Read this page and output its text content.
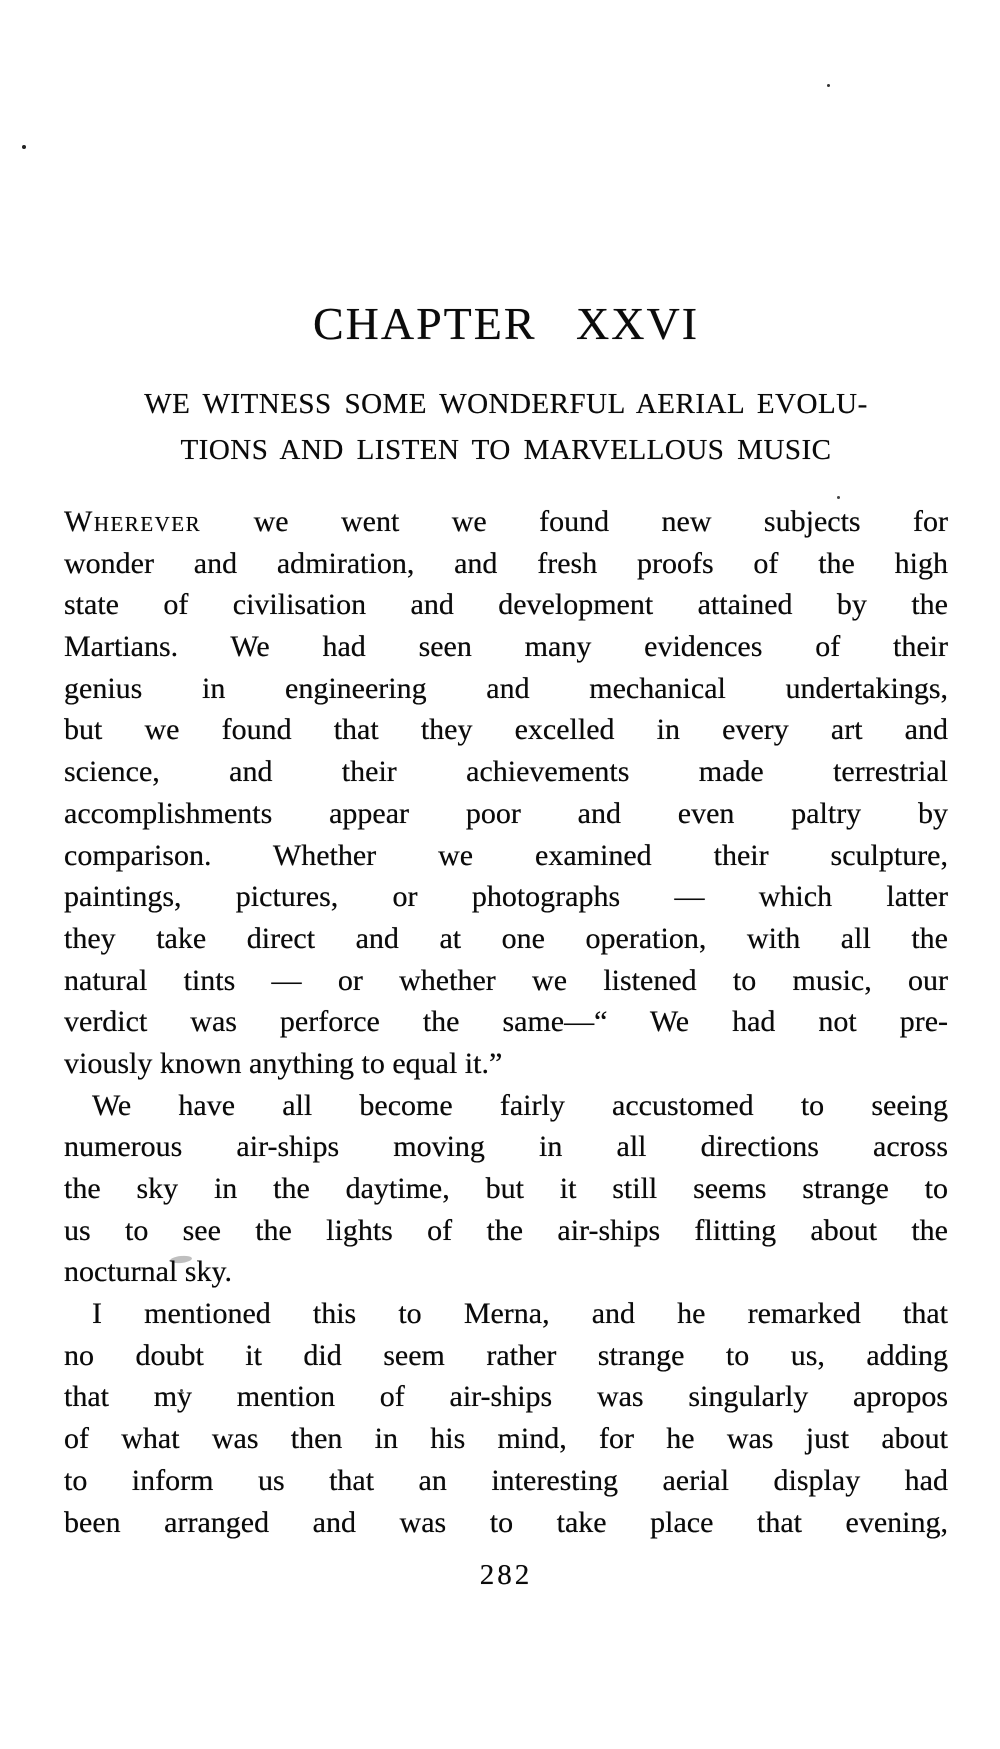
CHAPTER XXVI
WE WITNESS SOME WONDERFUL AERIAL EVOLU-
TIONS AND LISTEN TO MARVELLOUS MUSIC
Wherever we went we found new subjects for
wonder and admiration, and fresh proofs of the high
state of civilisation and development attained by the
Martians. We had seen many evidences of their
genius in engineering and mechanical undertakings,
but we found that they excelled in every art and
science, and their achievements made terrestrial
accomplishments appear poor and even paltry by
comparison. Whether we examined their sculpture,
paintings, pictures, or photographs — which latter
they take direct and at one operation, with all the
natural tints — or whether we listened to music, our
verdict was perforce the same—“ We had not pre-
viously known anything to equal it.”
We have all become fairly accustomed to seeing
numerous air-ships moving in all directions across
the sky in the daytime, but it still seems strange to
us to see the lights of the air-ships flitting about the
nocturnal sky.
I mentioned this to Merna, and he remarked that
no doubt it did seem rather strange to us, adding
that my mention of air-ships was singularly apropos
of what was then in his mind, for he was just about
to inform us that an interesting aerial display had
been arranged and was to take place that evening,
282
